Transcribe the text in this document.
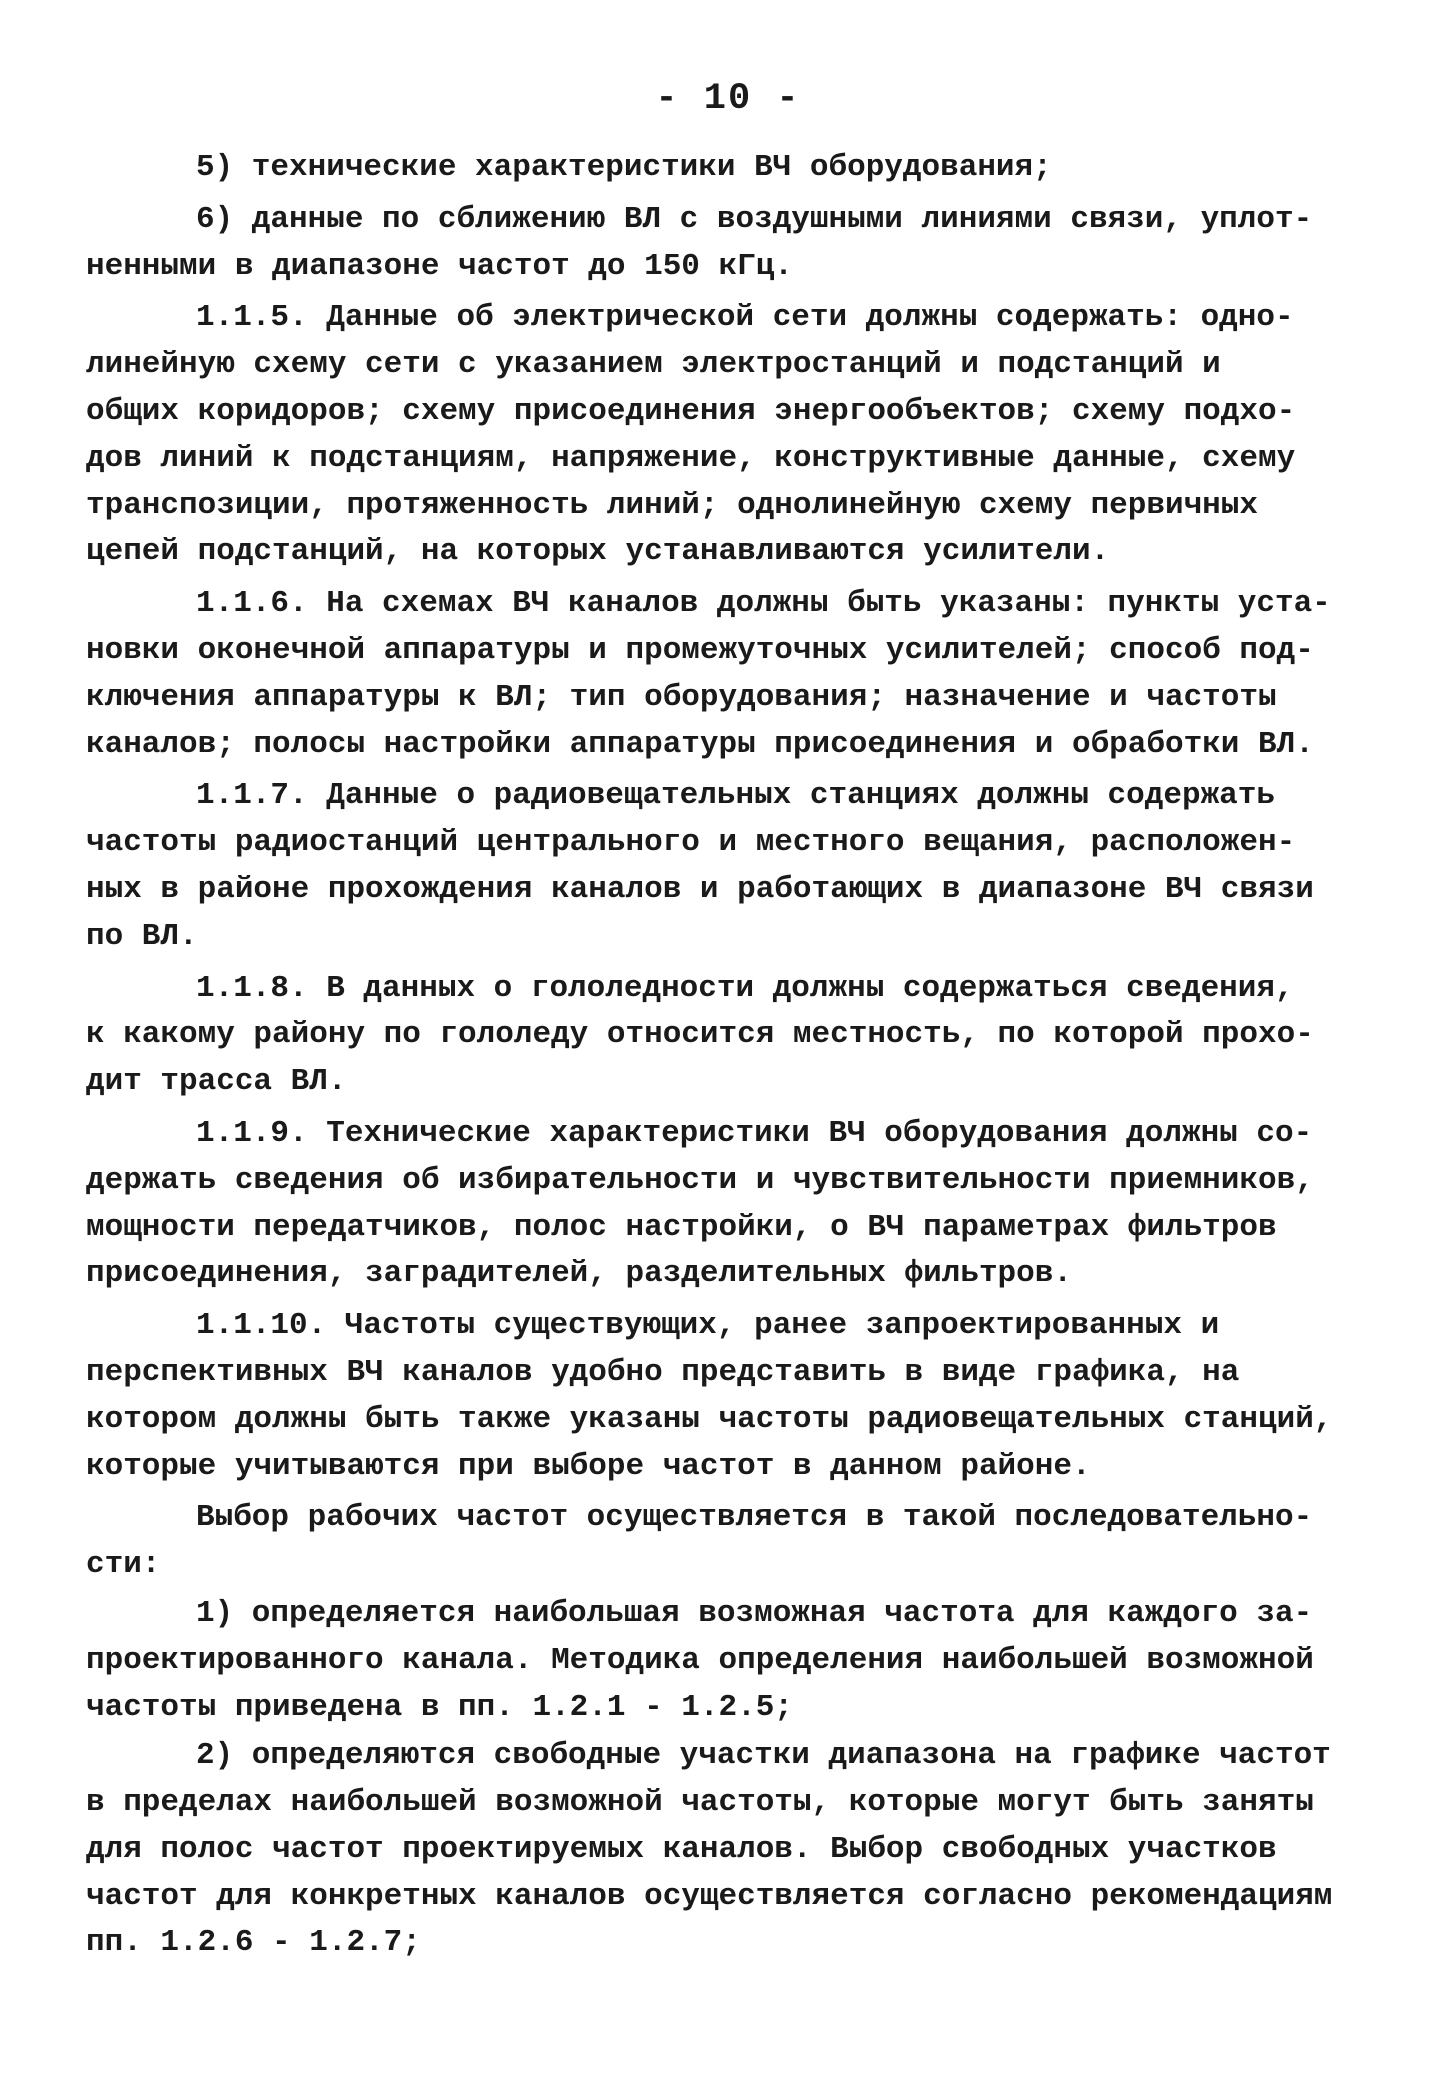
- 10 -
5) технические характеристики ВЧ оборудования;
6) данные по сближению ВЛ с воздушными линиями связи, уплот-
ненными в диапазоне частот до 150 кГц.
1.1.5. Данные об электрической сети должны содержать: одно-
линейную схему сети с указанием электростанций и подстанций и
общих коридоров; схему присоединения энергообъектов; схему подхо-
дов линий к подстанциям, напряжение, конструктивные данные, схему
транспозиции, протяженность линий; однолинейную схему первичных
цепей подстанций, на которых устанавливаются усилители.
1.1.6. На схемах ВЧ каналов должны быть указаны: пункты уста-
новки оконечной аппаратуры и промежуточных усилителей; способ под-
ключения аппаратуры к ВЛ; тип оборудования; назначение и частоты
каналов; полосы настройки аппаратуры присоединения и обработки ВЛ.
1.1.7. Данные о радиовещательных станциях должны содержать
частоты радиостанций центрального и местного вещания, расположен-
ных в районе прохождения каналов и работающих в диапазоне ВЧ связи
по ВЛ.
1.1.8. В данных о гололедности должны содержаться сведения,
к какому району по гололеду относится местность, по которой прохо-
дит трасса ВЛ.
1.1.9. Технические характеристики ВЧ оборудования должны со-
держать сведения об избирательности и чувствительности приемников,
мощности передатчиков, полос настройки, о ВЧ параметрах фильтров
присоединения, заградителей, разделительных фильтров.
1.1.10. Частоты существующих, ранее запроектированных и
перспективных ВЧ каналов удобно представить в виде графика, на
котором должны быть также указаны частоты радиовещательных станций,
которые учитываются при выборе частот в данном районе.
Выбор рабочих частот осуществляется в такой последовательно-
сти:
1) определяется наибольшая возможная частота для каждого за-
проектированного канала. Методика определения наибольшей возможной
частоты приведена в пп. 1.2.1 - 1.2.5;
2) определяются свободные участки диапазона на графике частот
в пределах наибольшей возможной частоты, которые могут быть заняты
для полос частот проектируемых каналов. Выбор свободных участков
частот для конкретных каналов осуществляется согласно рекомендациям
пп. 1.2.6 - 1.2.7;
